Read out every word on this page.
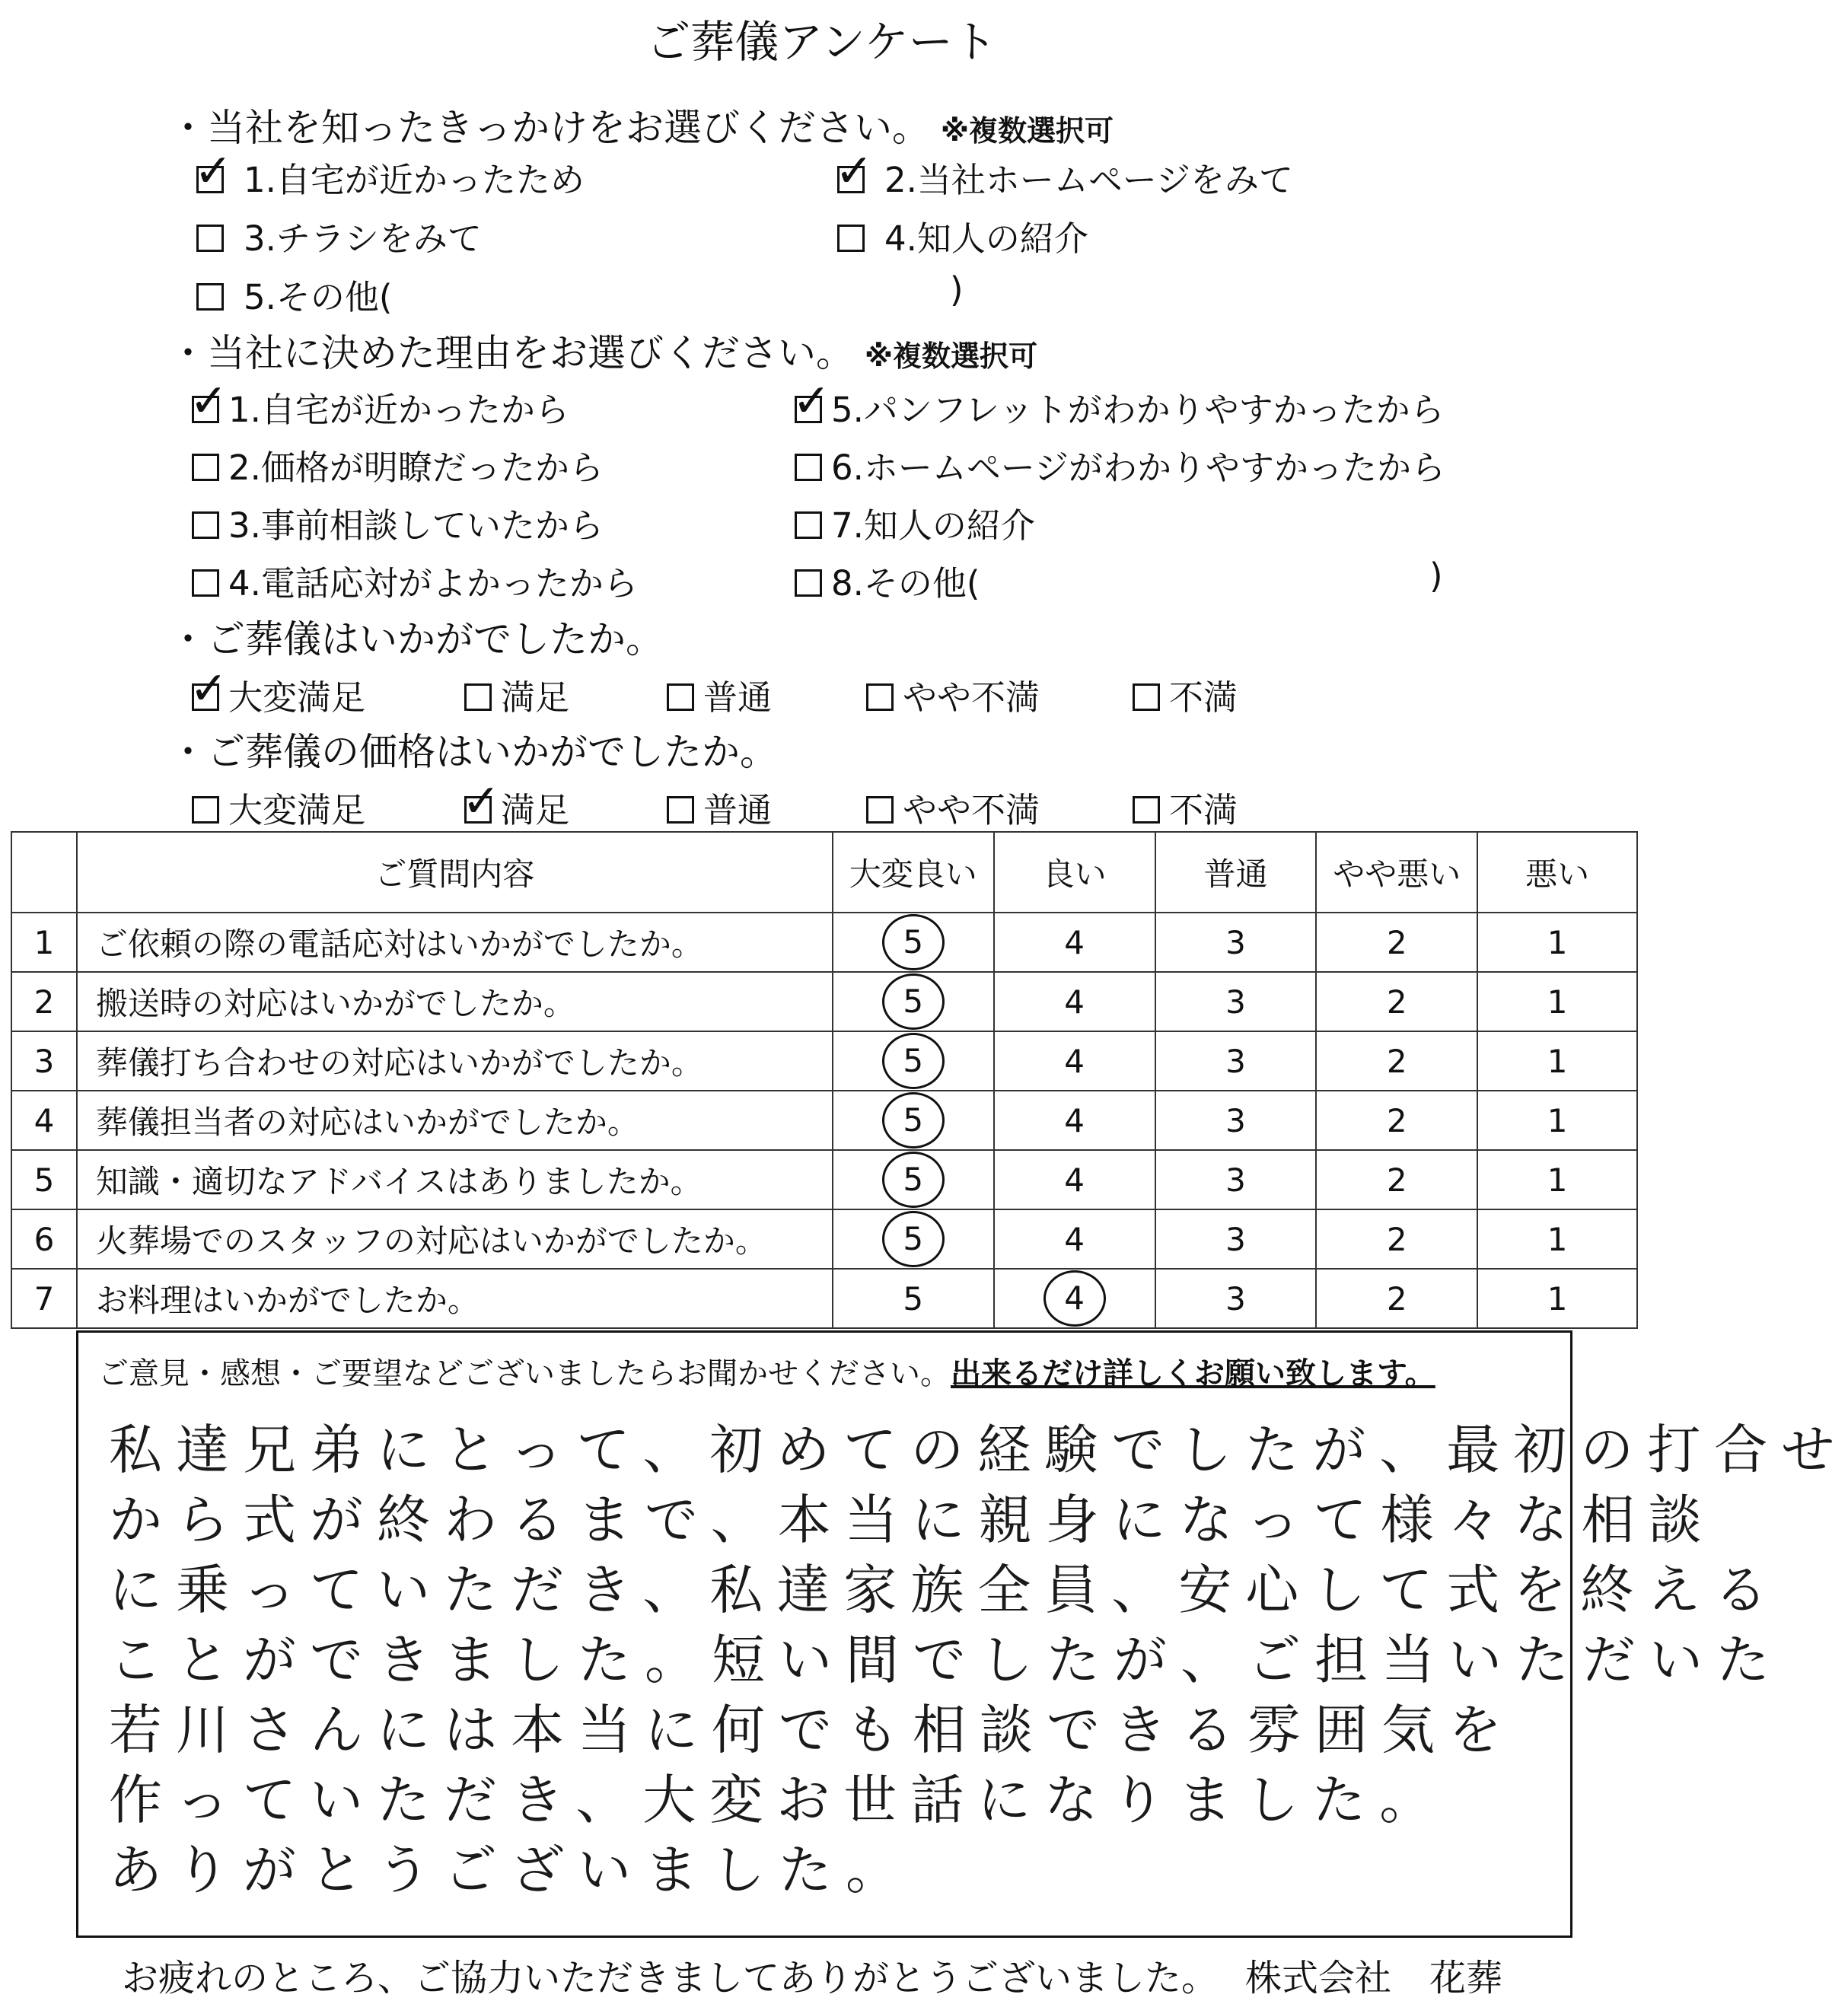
ご葬儀アンケート
・当社を知ったきっかけをお選びください。 ※複数選択可
✓ 1.自宅が近かったため	✓ 2.当社ホームページをみて
3.チラシをみて	4.知人の紹介
5.その他(	)
・当社に決めた理由をお選びください。 ※複数選択可
✓ 1.自宅が近かったから
2.価格が明瞭だったから
3.事前相談していたから
4.電話応対がよかったから
✓ 5.パンフレットがわかりやすかったから
6.ホームページがわかりやすかったから
7.知人の紹介
8.その他(	)
・ご葬儀はいかがでしたか。
✓ 大変満足	満足	普通	やや不満	不満
・ご葬儀の価格はいかがでしたか。
大変満足 ✓ 満足	普通	やや不満	不満
	ご質問内容	大変良い	良い	普通	やや悪い	悪い
1	ご依頼の際の電話応対はいかがでしたか。	5	4	3	2	1
2	搬送時の対応はいかがでしたか。	5	4	3	2	1
3	葬儀打ち合わせの対応はいかがでしたか。	5	4	3	2	1
4	葬儀担当者の対応はいかがでしたか。	5	4	3	2	1
5	知識・適切なアドバイスはありましたか。	5	4	3	2	1
6	火葬場でのスタッフの対応はいかがでしたか。	5	4	3	2	1
7	お料理はいかがでしたか。	5	4	3	2	1
ご意見・感想・ご要望などございましたらお聞かせください。出来るだけ詳しくお願い致します。
私達兄弟にとって、初めての経験でしたが、最初の打合せ
から式が終わるまで、本当に親身になって様々な相談
に乗っていただき、私達家族全員、安心して式を終える
ことができました。短い間でしたが、ご担当いただいた
若川さんには本当に何でも相談できる雰囲気を
作っていただき、大変お世話になりました。
ありがとうございました。
お疲れのところ、ご協力いただきましてありがとうございました。 株式会社 花葬
